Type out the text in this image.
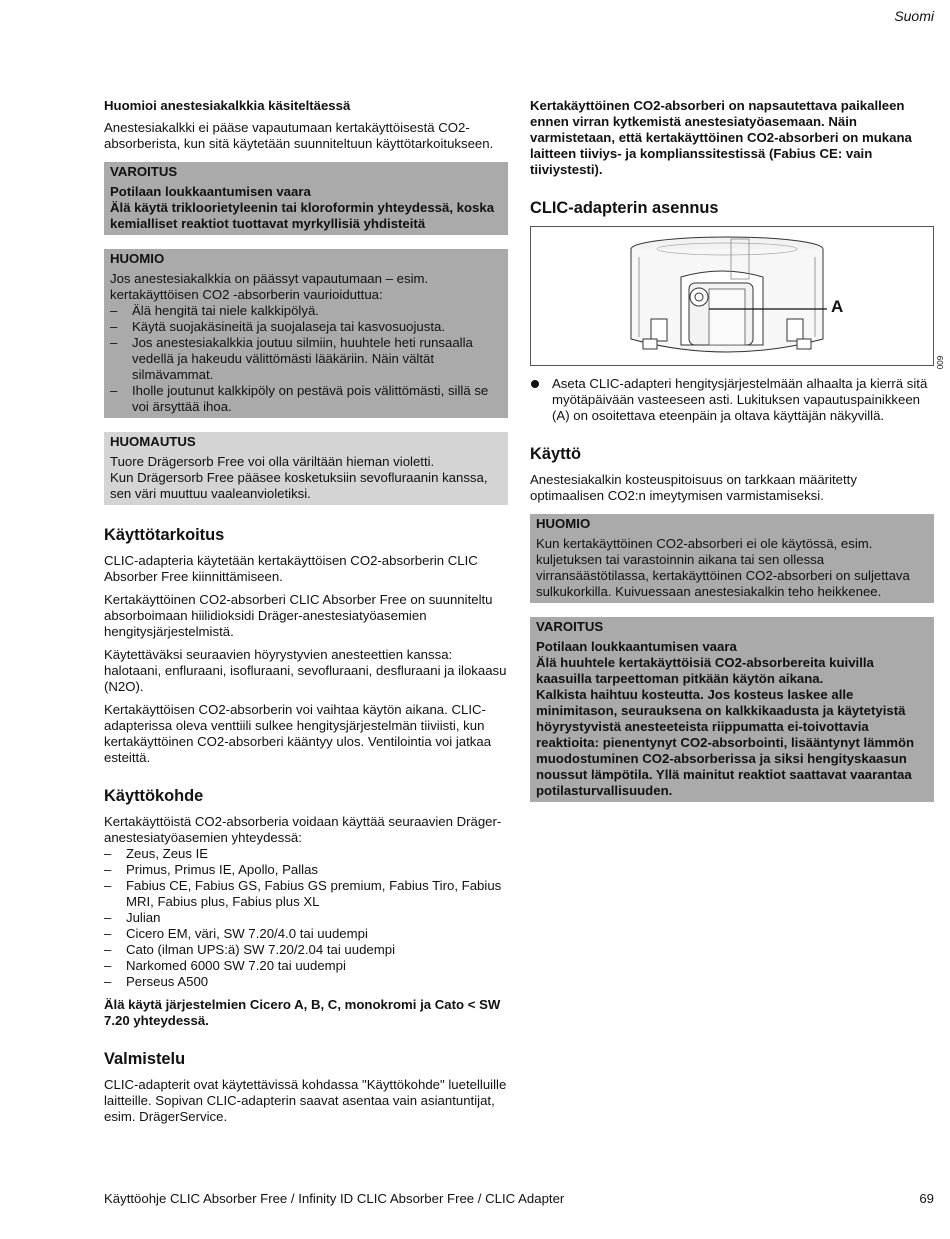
Suomi

Huomioi anestesiakalkkia käsiteltäessä

Anestesiakalkki ei pääse vapautumaan kertakäyttöisestä CO2-absorberista, kun sitä käytetään suunniteltuun käyttötarkoitukseen.

VAROITUS

Potilaan loukkaantumisen vaara

Älä käytä trikloorietyleenin tai kloroformin yhteydessä, koska kemialliset reaktiot tuottavat myrkyllisiä yhdisteitä

HUOMIO

Jos anestesiakalkkia on päässyt vapautumaan – esim. kertakäyttöisen CO2 -absorberin vaurioiduttua:

– Älä hengitä tai niele kalkkipölyä.
– Käytä suojakäsineitä ja suojalaseja tai kasvosuojusta.
– Jos anestesiakalkkia joutuu silmiin, huuhtele heti runsaalla vedellä ja hakeudu välittömästi lääkäriin. Näin vältät silmävammat.
– Iholle joutunut kalkkipöly on pestävä pois välittömästi, sillä se voi ärsyttää ihoa.
HUOMAUTUS

Tuore Drägersorb Free voi olla väriltään hieman violetti.

Kun Drägersorb Free pääsee kosketuksiin sevofluraanin kanssa, sen väri muuttuu vaaleanvioletiksi.

Käyttötarkoitus

CLIC-adapteria käytetään kertakäyttöisen CO2-absorberin CLIC Absorber Free kiinnittämiseen.

Kertakäyttöinen CO2-absorberi CLIC Absorber Free on suunniteltu absorboimaan hiilidioksidi Dräger-anestesiatyöasemien hengitysjärjestelmistä.

Käytettäväksi seuraavien höyrystyvien anesteettien kanssa: halotaani, enfluraani, isofluraani, sevofluraani, desfluraani ja ilokaasu (N2O).

Kertakäyttöisen CO2-absorberin voi vaihtaa käytön aikana. CLIC-adapterissa oleva venttiili sulkee hengitysjärjestelmän tiiviisti, kun kertakäyttöinen CO2-absorberi kääntyy ulos. Ventilointia voi jatkaa esteittä.

Käyttökohde

Kertakäyttöistä CO2-absorberia voidaan käyttää seuraavien Dräger-anestesiatyöasemien yhteydessä:

– Zeus, Zeus IE
– Primus, Primus IE, Apollo, Pallas
– Fabius CE, Fabius GS, Fabius GS premium, Fabius Tiro, Fabius MRI, Fabius plus, Fabius plus XL
– Julian
– Cicero EM, väri, SW 7.20/4.0 tai uudempi
– Cato (ilman UPS:ä) SW 7.20/2.04 tai uudempi
– Narkomed 6000 SW 7.20 tai uudempi
– Perseus A500

Älä käytä järjestelmien Cicero A, B, C, monokromi ja Cato < SW 7.20 yhteydessä.

Valmistelu

CLIC-adapterit ovat käytettävissä kohdassa "Käyttökohde" luetelluille laitteille. Sopivan CLIC-adapterin saavat asentaa vain asiantuntijat, esim. DrägerService.

Kertakäyttöinen CO2-absorberi on napsautettava paikalleen ennen virran kytkemistä anestesiatyöasemaan. Näin varmistetaan, että kertakäyttöinen CO2-absorberi on mukana laitteen tiiviys- ja komplianssitestissä (Fabius CE: vain tiiviystesti).

CLIC-adapterin asennus
A
009
Aseta CLIC-adapteri hengitysjärjestelmään alhaalta ja kierrä sitä myötäpäivään vasteeseen asti. Lukituksen vapautuspainikkeen (A) on osoitettava eteenpäin ja oltava käyttäjän näkyvillä.
Käyttö

Anestesiakalkin kosteuspitoisuus on tarkkaan määritetty optimaalisen CO2:n imeytymisen varmistamiseksi.

HUOMIO

Kun kertakäyttöinen CO2-absorberi ei ole käytössä, esim. kuljetuksen tai varastoinnin aikana tai sen ollessa virransäästötilassa, kertakäyttöinen CO2-absorberi on suljettava sulkukorkilla. Kuivuessaan anestesiakalkin teho heikkenee.

VAROITUS

Potilaan loukkaantumisen vaara

Älä huuhtele kertakäyttöisiä CO2-absorbereita kuivilla kaasuilla tarpeettoman pitkään käytön aikana.

Kalkista haihtuu kosteutta. Jos kosteus laskee alle minimitason, seurauksena on kalkkikaadusta ja käytetyistä höyrystyvistä anesteeteista riippumatta ei-toivottavia reaktioita: pienentynyt CO2-absorbointi, lisääntynyt lämmön muodostuminen CO2-absorberissa ja siksi hengityskaasun noussut lämpötila. Yllä mainitut reaktiot saattavat vaarantaa potilasturvallisuuden.

Käyttöohje CLIC Absorber Free / Infinity ID CLIC Absorber Free / CLIC Adapter	69
